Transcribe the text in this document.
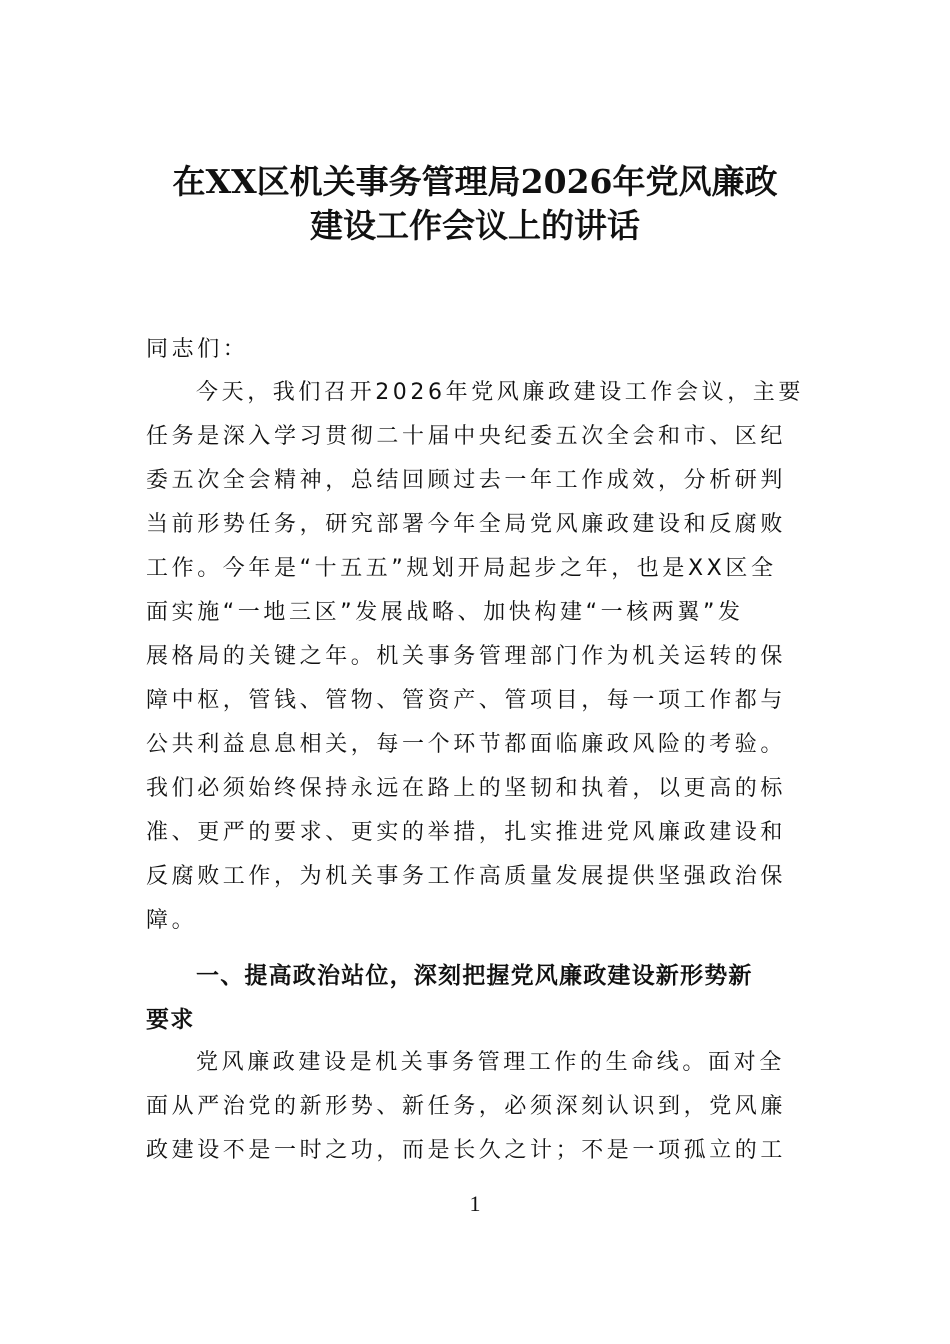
在XX区机关事务管理局2026年党风廉政
建设工作会议上的讲话
同志们：
今天，我们召开2026年党风廉政建设工作会议，主要
任务是深入学习贯彻二十届中央纪委五次全会和市、区纪
委五次全会精神，总结回顾过去一年工作成效，分析研判
当前形势任务，研究部署今年全局党风廉政建设和反腐败
工作。今年是“十五五”规划开局起步之年，也是XX区全
面实施“一地三区”发展战略、加快构建“一核两翼”发
展格局的关键之年。机关事务管理部门作为机关运转的保
障中枢，管钱、管物、管资产、管项目，每一项工作都与
公共利益息息相关，每一个环节都面临廉政风险的考验。
我们必须始终保持永远在路上的坚韧和执着，以更高的标
准、更严的要求、更实的举措，扎实推进党风廉政建设和
反腐败工作，为机关事务工作高质量发展提供坚强政治保
障。
一、提高政治站位，深刻把握党风廉政建设新形势新
要求
党风廉政建设是机关事务管理工作的生命线。面对全
面从严治党的新形势、新任务，必须深刻认识到，党风廉
政建设不是一时之功，而是长久之计；不是一项孤立的工
1
